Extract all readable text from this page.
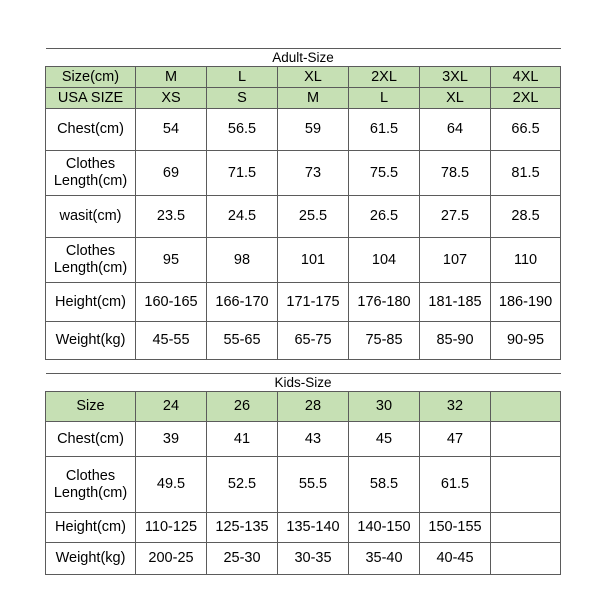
Adult-Size						
Size(cm)	M	L	XL	2XL	3XL	4XL
USA SIZE	XS	S	M	L	XL	2XL
Chest(cm)	54	56.5	59	61.5	64	66.5
Clothes
Length(cm)	69	71.5	73	75.5	78.5	81.5
wasit(cm)	23.5	24.5	25.5	26.5	27.5	28.5
Clothes
Length(cm)	95	98	101	104	107	110
Height(cm)	160-165	166-170	171-175	176-180	181-185	186-190
Weight(kg)	45-55	55-65	65-75	75-85	85-90	90-95
Kids-Size						
Size	24	26	28	30	32	
Chest(cm)	39	41	43	45	47	
Clothes
Length(cm)	49.5	52.5	55.5	58.5	61.5	
Height(cm)	110-125	125-135	135-140	140-150	150-155	
Weight(kg)	200-25	25-30	30-35	35-40	40-45	
